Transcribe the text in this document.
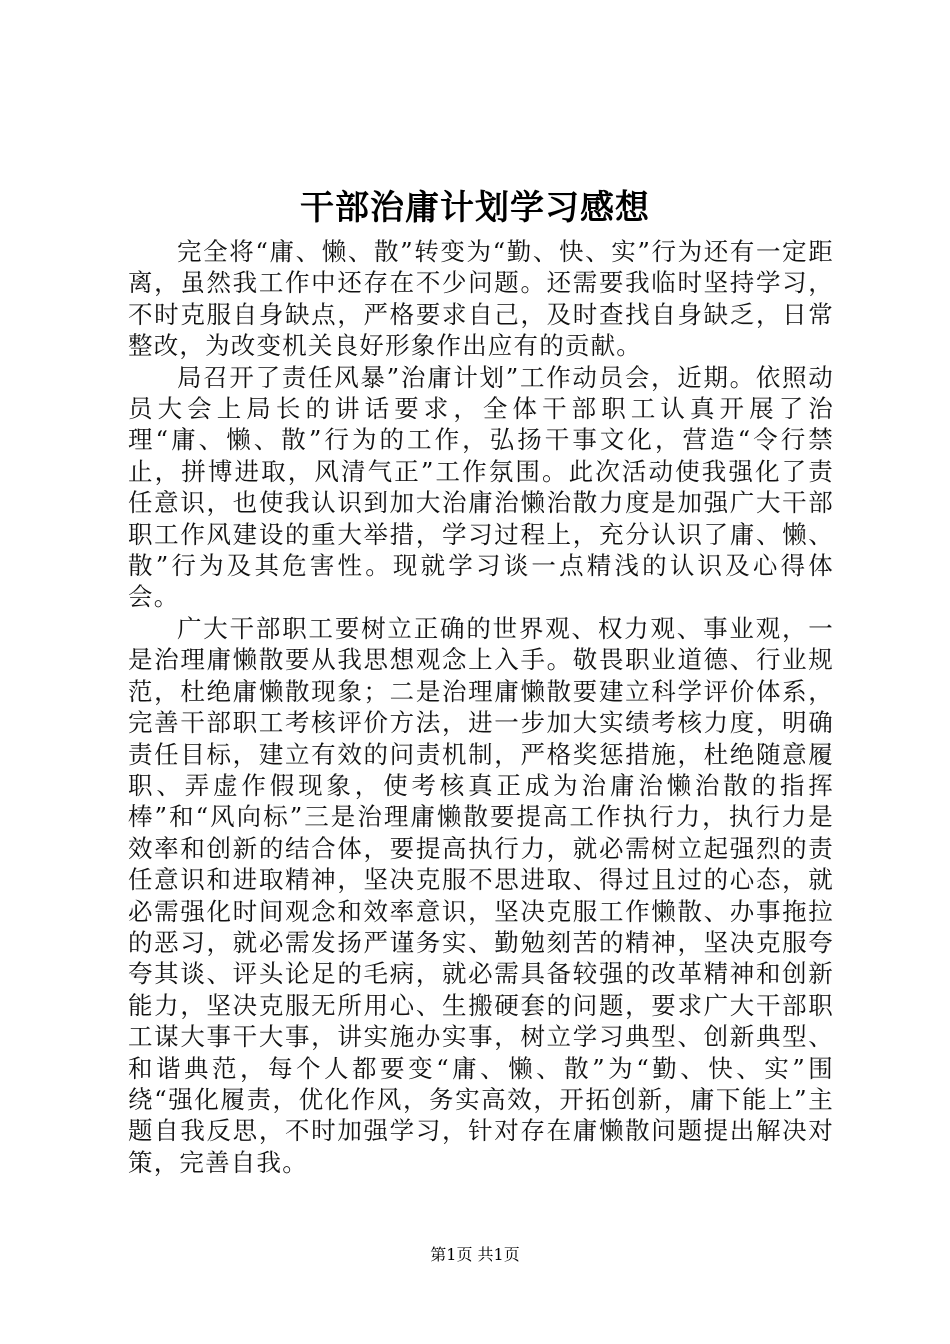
干部治庸计划学习感想

完全将“庸、懒、散”转变为“勤、快、实”行为还有一定距离，虽然我工作中还存在不少问题。还需要我临时坚持学习，不时克服自身缺点，严格要求自己，及时查找自身缺乏，日常整改，为改变机关良好形象作出应有的贡献。

局召开了责任风暴”治庸计划”工作动员会，近期。依照动员大会上局长的讲话要求，全体干部职工认真开展了治理“庸、懒、散”行为的工作，弘扬干事文化，营造“令行禁止，拼博进取，风清气正”工作氛围。此次活动使我强化了责任意识，也使我认识到加大治庸治懒治散力度是加强广大干部职工作风建设的重大举措，学习过程上，充分认识了庸、懒、散”行为及其危害性。现就学习谈一点精浅的认识及心得体会。

广大干部职工要树立正确的世界观、权力观、事业观，一是治理庸懒散要从我思想观念上入手。敬畏职业道德、行业规范，杜绝庸懒散现象；二是治理庸懒散要建立科学评价体系，完善干部职工考核评价方法，进一步加大实绩考核力度，明确责任目标，建立有效的问责机制，严格奖惩措施，杜绝随意履职、弄虚作假现象，使考核真正成为治庸治懒治散的指挥棒”和“风向标”三是治理庸懒散要提高工作执行力，执行力是效率和创新的结合体，要提高执行力，就必需树立起强烈的责任意识和进取精神，坚决克服不思进取、得过且过的心态，就必需强化时间观念和效率意识，坚决克服工作懒散、办事拖拉的恶习，就必需发扬严谨务实、勤勉刻苦的精神，坚决克服夸夸其谈、评头论足的毛病，就必需具备较强的改革精神和创新能力，坚决克服无所用心、生搬硬套的问题，要求广大干部职工谋大事干大事，讲实施办实事，树立学习典型、创新典型、和谐典范，每个人都要变“庸、懒、散”为“勤、快、实”围绕“强化履责，优化作风，务实高效，开拓创新，庸下能上”主题自我反思，不时加强学习，针对存在庸懒散问题提出解决对策，完善自我。

第1页 共1页
